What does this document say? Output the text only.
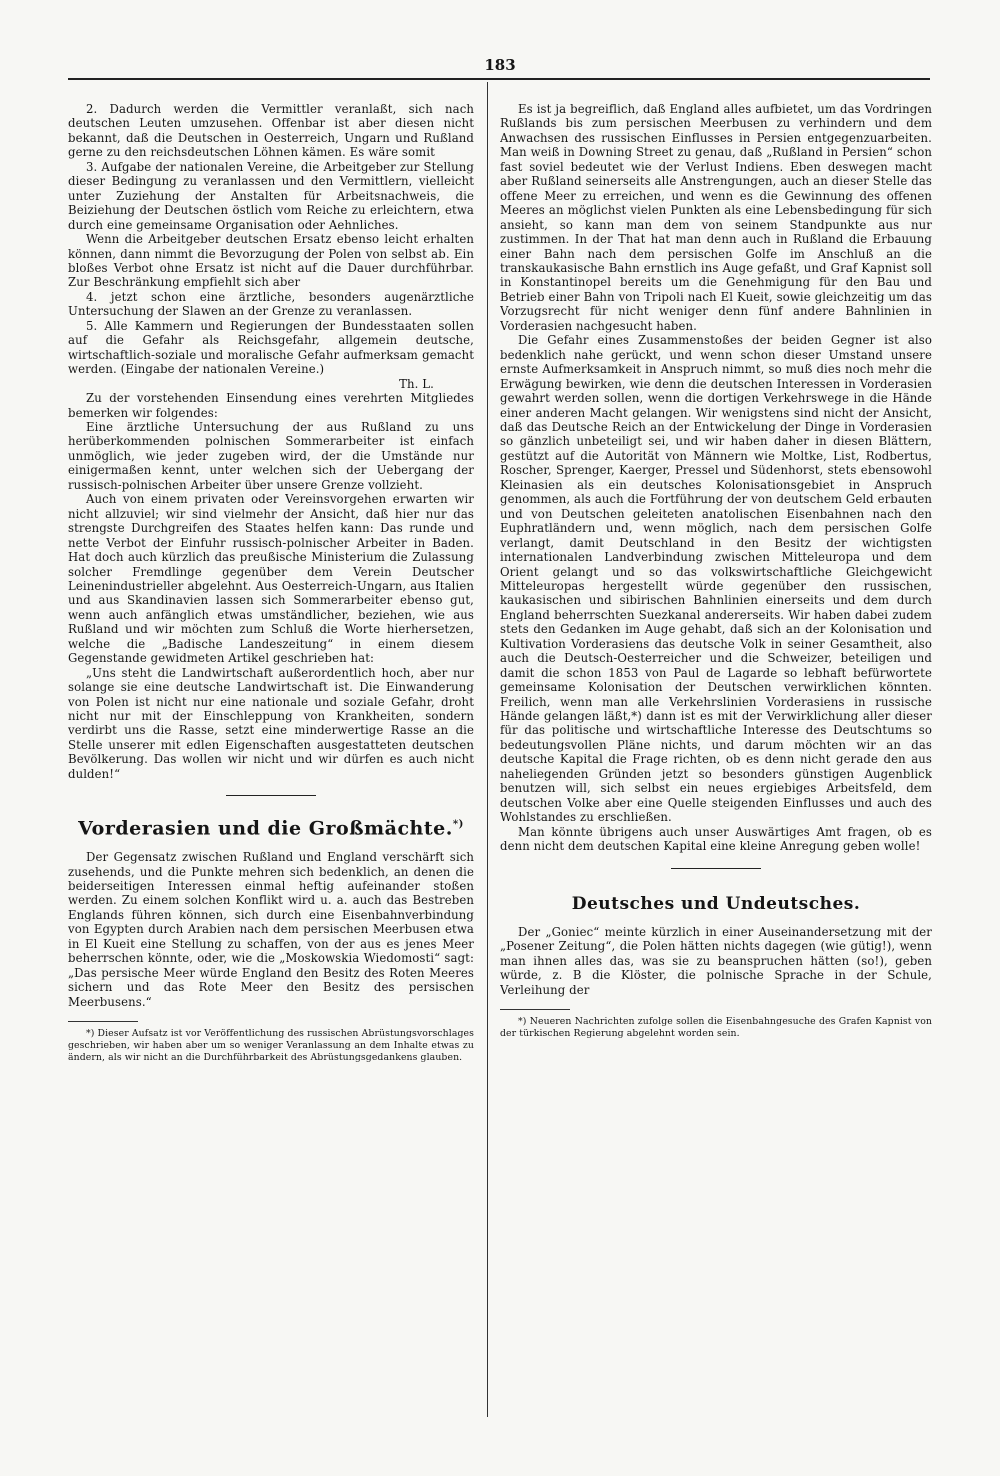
183

2. Dadurch werden die Vermittler veranlaßt, sich nach deutschen Leuten umzusehen. Offenbar ist aber diesen nicht bekannt, daß die Deutschen in Oesterreich, Ungarn und Rußland gerne zu den reichsdeutschen Löhnen kämen. Es wäre somit

3. Aufgabe der nationalen Vereine, die Arbeitgeber zur Stellung dieser Bedingung zu veranlassen und den Vermittlern, vielleicht unter Zuziehung der Anstalten für Arbeitsnachweis, die Beiziehung der Deutschen östlich vom Reiche zu erleichtern, etwa durch eine gemeinsame Organisation oder Aehnliches.

Wenn die Arbeitgeber deutschen Ersatz ebenso leicht erhalten können, dann nimmt die Bevorzugung der Polen von selbst ab. Ein bloßes Verbot ohne Ersatz ist nicht auf die Dauer durchführbar. Zur Beschränkung empfiehlt sich aber

4. jetzt schon eine ärztliche, besonders augenärztliche Untersuchung der Slawen an der Grenze zu veranlassen.

5. Alle Kammern und Regierungen der Bundesstaaten sollen auf die Gefahr als Reichsgefahr, allgemein deutsche, wirtschaftlich-soziale und moralische Gefahr aufmerksam gemacht werden. (Eingabe der nationalen Vereine.)

Th. L.

Zu der vorstehenden Einsendung eines verehrten Mitgliedes bemerken wir folgendes:

Eine ärztliche Untersuchung der aus Rußland zu uns herüberkommenden polnischen Sommerarbeiter ist einfach unmöglich, wie jeder zugeben wird, der die Umstände nur einigermaßen kennt, unter welchen sich der Uebergang der russisch-polnischen Arbeiter über unsere Grenze vollzieht.

Auch von einem privaten oder Vereinsvorgehen erwarten wir nicht allzuviel; wir sind vielmehr der Ansicht, daß hier nur das strengste Durchgreifen des Staates helfen kann: Das runde und nette Verbot der Einfuhr russisch-polnischer Arbeiter in Baden. Hat doch auch kürzlich das preußische Ministerium die Zulassung solcher Fremdlinge gegenüber dem Verein Deutscher Leinenindustrieller abgelehnt. Aus Oesterreich-Ungarn, aus Italien und aus Skandinavien lassen sich Sommerarbeiter ebenso gut, wenn auch anfänglich etwas umständlicher, beziehen, wie aus Rußland und wir möchten zum Schluß die Worte hierhersetzen, welche die „Badische Landeszeitung“ in einem diesem Gegenstande gewidmeten Artikel geschrieben hat:

„Uns steht die Landwirtschaft außerordentlich hoch, aber nur solange sie eine deutsche Landwirtschaft ist. Die Einwanderung von Polen ist nicht nur eine nationale und soziale Gefahr, droht nicht nur mit der Einschleppung von Krankheiten, sondern verdirbt uns die Rasse, setzt eine minderwertige Rasse an die Stelle unserer mit edlen Eigenschaften ausgestatteten deutschen Bevölkerung. Das wollen wir nicht und wir dürfen es auch nicht dulden!“

Vorderasien und die Großmächte.*)

Der Gegensatz zwischen Rußland und England verschärft sich zusehends, und die Punkte mehren sich bedenklich, an denen die beiderseitigen Interessen einmal heftig aufeinander stoßen werden. Zu einem solchen Konflikt wird u. a. auch das Bestreben Englands führen können, sich durch eine Eisenbahnverbindung von Egypten durch Arabien nach dem persischen Meerbusen etwa in El Kueit eine Stellung zu schaffen, von der aus es jenes Meer beherrschen könnte, oder, wie die „Moskowskia Wiedomosti“ sagt: „Das persische Meer würde England den Besitz des Roten Meeres sichern und das Rote Meer den Besitz des persischen Meerbusens.“

*) Dieser Aufsatz ist vor Veröffentlichung des russischen Abrüstungsvorschlages geschrieben, wir haben aber um so weniger Veranlassung an dem Inhalte etwas zu ändern, als wir nicht an die Durchführbarkeit des Abrüstungsgedankens glauben.

Es ist ja begreiflich, daß England alles aufbietet, um das Vordringen Rußlands bis zum persischen Meerbusen zu verhindern und dem Anwachsen des russischen Einflusses in Persien entgegenzuarbeiten. Man weiß in Downing Street zu genau, daß „Rußland in Persien“ schon fast soviel bedeutet wie der Verlust Indiens. Eben deswegen macht aber Rußland seinerseits alle Anstrengungen, auch an dieser Stelle das offene Meer zu erreichen, und wenn es die Gewinnung des offenen Meeres an möglichst vielen Punkten als eine Lebensbedingung für sich ansieht, so kann man dem von seinem Standpunkte aus nur zustimmen. In der That hat man denn auch in Rußland die Erbauung einer Bahn nach dem persischen Golfe im Anschluß an die transkaukasische Bahn ernstlich ins Auge gefaßt, und Graf Kapnist soll in Konstantinopel bereits um die Genehmigung für den Bau und Betrieb einer Bahn von Tripoli nach El Kueit, sowie gleichzeitig um das Vorzugsrecht für nicht weniger denn fünf andere Bahnlinien in Vorderasien nachgesucht haben.

Die Gefahr eines Zusammenstoßes der beiden Gegner ist also bedenklich nahe gerückt, und wenn schon dieser Umstand unsere ernste Aufmerksamkeit in Anspruch nimmt, so muß dies noch mehr die Erwägung bewirken, wie denn die deutschen Interessen in Vorderasien gewahrt werden sollen, wenn die dortigen Verkehrswege in die Hände einer anderen Macht gelangen. Wir wenigstens sind nicht der Ansicht, daß das Deutsche Reich an der Entwickelung der Dinge in Vorderasien so gänzlich unbeteiligt sei, und wir haben daher in diesen Blättern, gestützt auf die Autorität von Männern wie Moltke, List, Rodbertus, Roscher, Sprenger, Kaerger, Pressel und Südenhorst, stets ebensowohl Kleinasien als ein deutsches Kolonisationsgebiet in Anspruch genommen, als auch die Fortführung der von deutschem Geld erbauten und von Deutschen geleiteten anatolischen Eisenbahnen nach den Euphratländern und, wenn möglich, nach dem persischen Golfe verlangt, damit Deutschland in den Besitz der wichtigsten internationalen Landverbindung zwischen Mitteleuropa und dem Orient gelangt und so das volkswirtschaftliche Gleichgewicht Mitteleuropas hergestellt würde gegenüber den russischen, kaukasischen und sibirischen Bahnlinien einerseits und dem durch England beherrschten Suezkanal andererseits. Wir haben dabei zudem stets den Gedanken im Auge gehabt, daß sich an der Kolonisation und Kultivation Vorderasiens das deutsche Volk in seiner Gesamtheit, also auch die Deutsch-Oesterreicher und die Schweizer, beteiligen und damit die schon 1853 von Paul de Lagarde so lebhaft befürwortete gemeinsame Kolonisation der Deutschen verwirklichen könnten. Freilich, wenn man alle Verkehrslinien Vorderasiens in russische Hände gelangen läßt,*) dann ist es mit der Verwirklichung aller dieser für das politische und wirtschaftliche Interesse des Deutschtums so bedeutungsvollen Pläne nichts, und darum möchten wir an das deutsche Kapital die Frage richten, ob es denn nicht gerade den aus naheliegenden Gründen jetzt so besonders günstigen Augenblick benutzen will, sich selbst ein neues ergiebiges Arbeitsfeld, dem deutschen Volke aber eine Quelle steigenden Einflusses und auch des Wohlstandes zu erschließen.

Man könnte übrigens auch unser Auswärtiges Amt fragen, ob es denn nicht dem deutschen Kapital eine kleine Anregung geben wolle!

Deutsches und Undeutsches.

Der „Goniec“ meinte kürzlich in einer Auseinandersetzung mit der „Posener Zeitung“, die Polen hätten nichts dagegen (wie gütig!), wenn man ihnen alles das, was sie zu beanspruchen hätten (so!), geben würde, z. B die Klöster, die polnische Sprache in der Schule, Verleihung der

*) Neueren Nachrichten zufolge sollen die Eisenbahngesuche des Grafen Kapnist von der türkischen Regierung abgelehnt worden sein.
